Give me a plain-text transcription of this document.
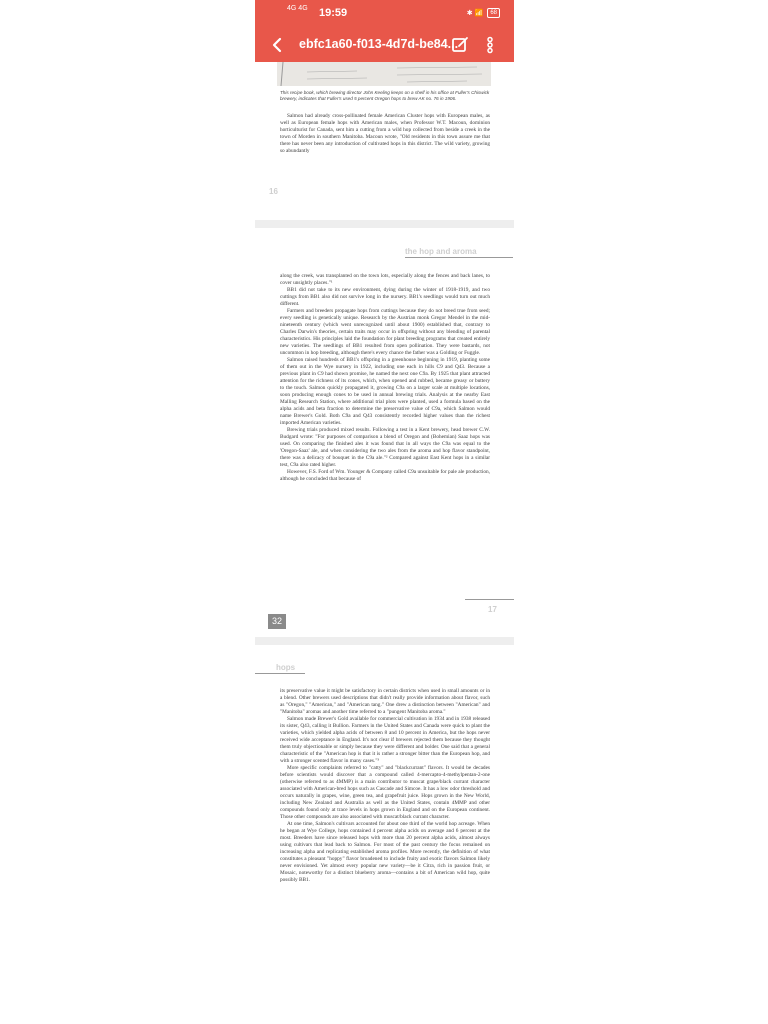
4G 4G 19:59	✱ 📶	68
ebfc1a60-f013-4d7d-be84...
This recipe book, which brewing director John Keeling keeps on a shelf in his office at Fuller's Chiswick brewery, indicates that Fuller's used 5 percent Oregon hops to brew AK no. 76 in 1906.

Salmon had already cross-pollinated female American Cluster hops with European males, as well as European female hops with American males, when Professor W.T. Macoun, dominion horticulturist for Canada, sent him a cutting from a wild hop collected from beside a creek in the town of Morden in southern Manitoba. Macoun wrote, "Old residents in this town assure me that there has never been any introduction of cultivated hops in this district. The wild variety, growing so abundantly

16
the hop and aroma

along the creek, was transplanted on the town lots, especially along the fences and back lanes, to cover unsightly places."¹

BB1 did not take to its new environment, dying during the winter of 1918-1919, and two cuttings from BB1 also did not survive long in the nursery. BB1's seedlings would turn out much different.

Farmers and breeders propagate hops from cuttings because they do not breed true from seed; every seedling is genetically unique. Research by the Austrian monk Gregor Mendel in the mid-nineteenth century (which went unrecognized until about 1900) established that, contrary to Charles Darwin's theories, certain traits may occur in offspring without any blending of parental characteristics. His principles laid the foundation for plant breeding programs that created entirely new varieties. The seedlings of BB1 resulted from open pollination. They were bastards, not uncommon in hop breeding, although there's every chance the father was a Golding or Fuggle.

Salmon raised hundreds of BB1's offspring in a greenhouse beginning in 1919, planting some of them out in the Wye nursery in 1922, including one each in hills C9 and Q43. Because a previous plant in C9 had shown promise, he named the next one C9a. By 1925 that plant attracted attention for the richness of its cones, which, when opened and rubbed, became greasy or buttery to the touch. Salmon quickly propagated it, growing C9a on a larger scale at multiple locations, soon producing enough cones to be used in annual brewing trials. Analysis at the nearby East Malling Research Station, where additional trial plots were planted, used a formula based on the alpha acids and beta fraction to determine the preservative value of C9a, which Salmon would name Brewer's Gold. Both C9a and Q43 consistently recorded higher values than the richest imported American varieties.

Brewing trials produced mixed results. Following a test in a Kent brewery, head brewer C.W. Budgard wrote: "For purposes of comparison a blend of Oregon and (Bohemian) Saaz hops was used. On comparing the finished ales it was found that in all ways the C9a was equal to the 'Oregon-Saaz' ale, and when considering the two ales from the aroma and hop flavor standpoint, there was a delicacy of bouquet in the C9a ale."² Compared against East Kent hops in a similar test, C9a also rated higher.

However, F.S. Ford of Wm. Younger & Company called C9a unsuitable for pale ale production, although he concluded that because of

17
32
hops

its preservative value it might be satisfactory in certain districts when used in small amounts or in a blend. Other brewers used descriptions that didn't really provide information about flavor, such as "Oregon," "American," and "American tang." One drew a distinction between "American" and "Manitoba" aromas and another time referred to a "pungent Manitoba aroma."

Salmon made Brewer's Gold available for commercial cultivation in 1934 and in 1938 released its sister, Q43, calling it Bullion. Farmers in the United States and Canada were quick to plant the varieties, which yielded alpha acids of between 8 and 10 percent in America, but the hops never received wide acceptance in England. It's not clear if brewers rejected them because they thought them truly objectionable or simply because they were different and bolder. One said that a general characteristic of the "American hop is that it is rather a stronger bitter than the European hop, and with a stronger scented flavor in many cases."³

More specific complaints referred to "catty" and "blackcurrant" flavors. It would be decades before scientists would discover that a compound called 4-mercapto-4-methylpentan-2-one (otherwise referred to as 4MMP) is a main contributor to muscat grape/black currant character associated with American-bred hops such as Cascade and Simcoe. It has a low odor threshold and occurs naturally in grapes, wine, green tea, and grapefruit juice. Hops grown in the New World, including New Zealand and Australia as well as the United States, contain 4MMP and other compounds found only at trace levels in hops grown in England and on the European continent. Those other compounds are also associated with muscat/black currant character.

At one time, Salmon's cultivars accounted for about one third of the world hop acreage. When he began at Wye College, hops contained 4 percent alpha acids on average and 6 percent at the most. Breeders have since released hops with more than 20 percent alpha acids, almost always using cultivars that lead back to Salmon. For most of the past century the focus remained on increasing alpha and replicating established aroma profiles. More recently, the definition of what constitutes a pleasant "hoppy" flavor broadened to include fruity and exotic flavors Salmon likely never envisioned. Yet almost every popular new variety—be it Citra, rich in passion fruit, or Mosaic, noteworthy for a distinct blueberry aroma—contains a bit of American wild hop, quite possibly BB1.
